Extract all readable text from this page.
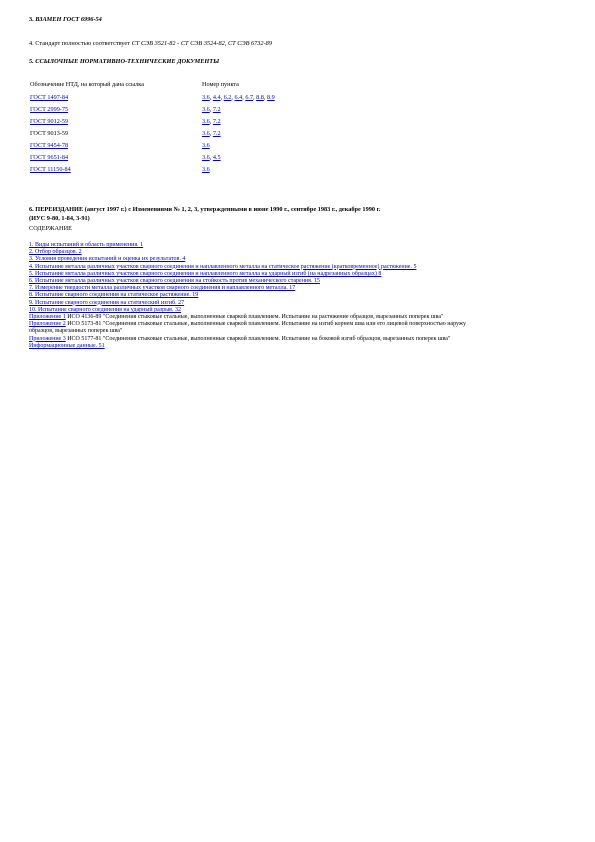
3. ВЗАМЕН ГОСТ 6996-54
4. Стандарт полностью соответствует СТ СЭВ 3521-82 - СТ СЭВ 3524-82, СТ СЭВ 6732-89
5. ССЫЛОЧНЫЕ НОРМАТИВНО-ТЕХНИЧЕСКИЕ ДОКУМЕНТЫ
Обозначение НТД, на который дана ссылка	Номер пункта
ГОСТ 1497-84	3.6, 4.4, 6.2, 6.4, 6.7, 8.8, 8.9
ГОСТ 2999-75	3.6, 7.2
ГОСТ 9012-59	3.6, 7.2
ГОСТ 9013-59	3.6, 7.2
ГОСТ 9454-78	3.6
ГОСТ 9651-84	3.6, 4.5
ГОСТ 11150-84	3.6
6. ПЕРЕИЗДАНИЕ (август 1997 г.) с Изменениями № 1, 2, 3, утвержденными в июне 1990 г., сентябре 1983 г., декабре 1990 г.
(ИУС 9-80, 1-84, 3-91)
СОДЕРЖАНИЕ
1. Виды испытаний и область применения. 1
2. Отбор образцов. 2
3. Условия проведения испытаний и оценка их результатов. 4
4. Испытание металла различных участков сварного соединения и наплавленного металла на статическое растяжение (кратковременное) растяжение. 5
5. Испытание металла различных участков сварного соединения и наплавленного металла на ударный изгиб (на надрезанных образцах) 8
6. Испытание металла различных участков сварного соединения на стойкость против механического старения. 15
7. Измерение твердости металла различных участков сварного соединения и наплавленного металла. 17
8. Испытание сварного соединения на статическое растяжение. 19
9. Испытание сварного соединения на статический изгиб. 27
10. Испытание сварного соединения на ударный разрыв. 32
Приложение 1 ИСО 4136-89 "Соединения стыковые стальные, выполненные сваркой плавлением. Испытание на растяжение образцов, вырезанных поперек шва"
Приложение 2 ИСО 5173-81 "Соединения стыковые стальные, выполненные сваркой плавлением. Испытание на изгиб корнем шва или его лицевой поверхностью наружу образцов, вырезанных поперек шва"
Приложение 3 ИСО 5177-81 "Соединения стыковые стальные, выполненные сваркой плавлением. Испытание на боковой изгиб образцов, вырезанных поперек шва"
Информационные данные. 51
